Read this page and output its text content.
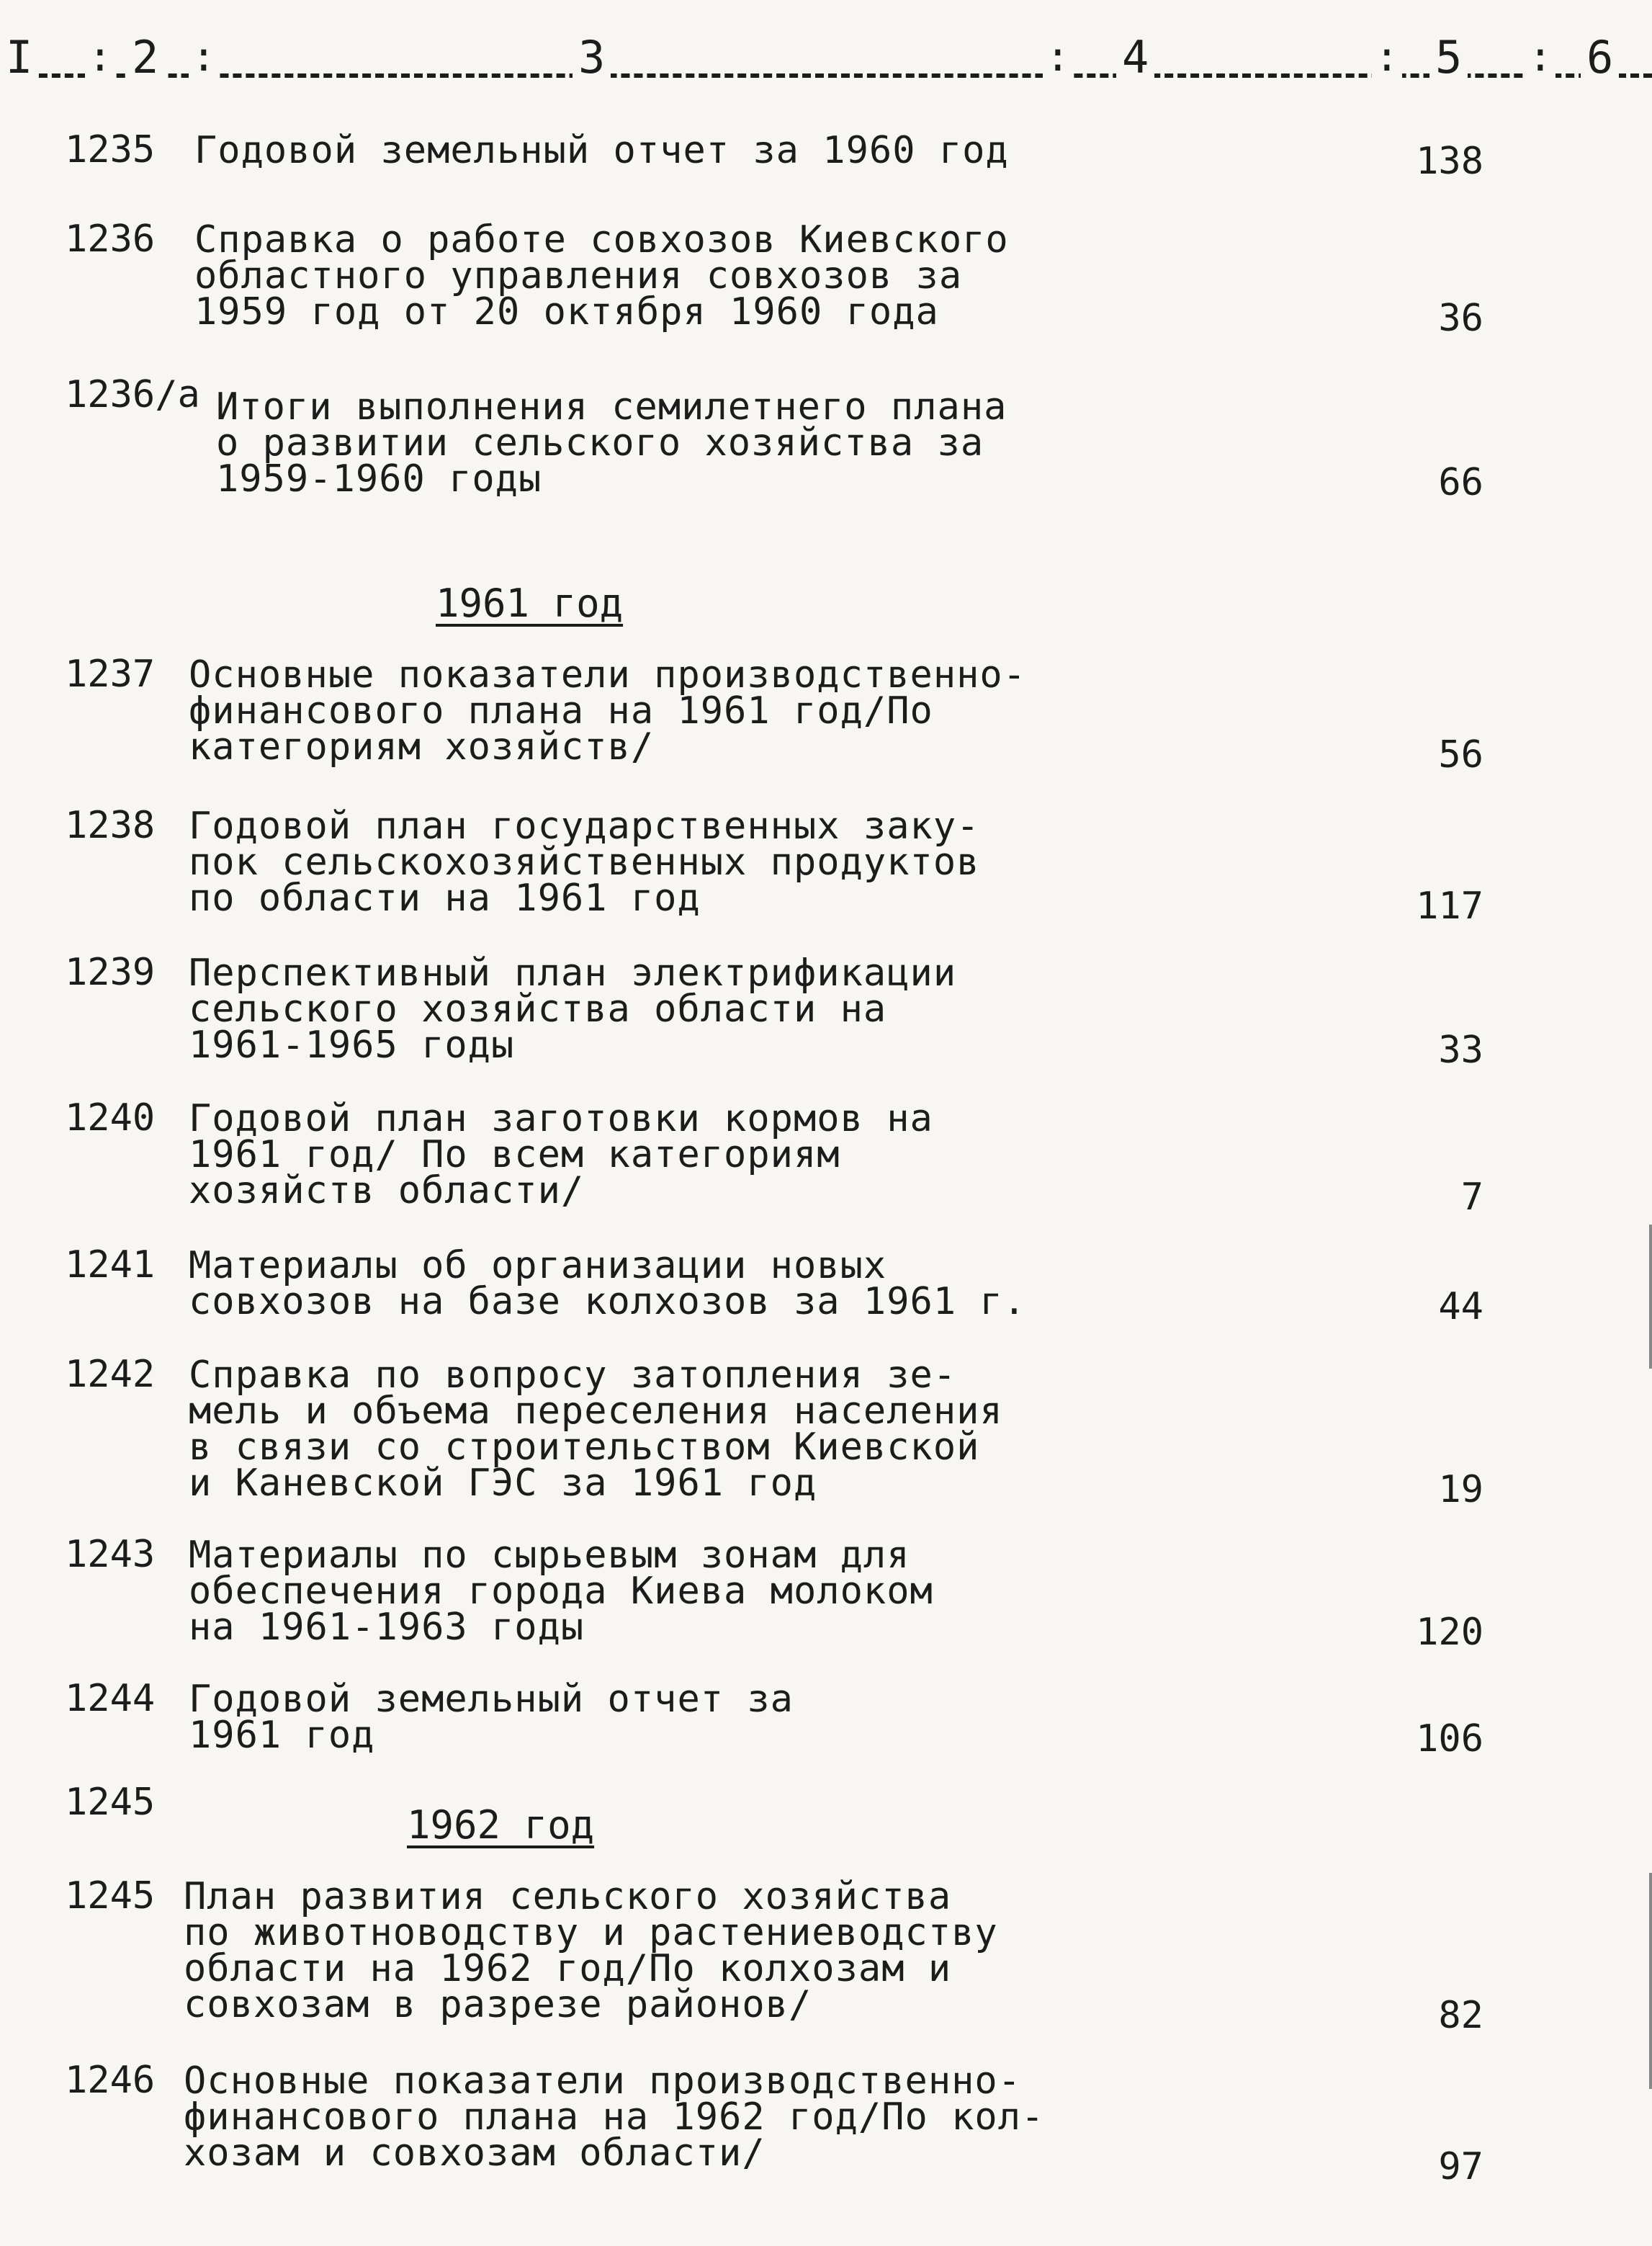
I : 2 :	3	: 4	: 5 : 6
1235 Годовой земельный отчет за 1960 год	138
1236 Справка о работе совхозов Киевского
областного управления совхозов за
1959 год от 20 октября 1960 года	36
1236/а Итоги выполнения семилетнего плана
о развитии сельского хозяйства за
1959-1960 годы	66
1961 год
1237 Основные показатели производственно-
финансового плана на 1961 год/По
категориям хозяйств/	56
1238 Годовой план государственных заку-
пок сельскохозяйственных продуктов
по области на 1961 год	117
1239 Перспективный план электрификации
сельского хозяйства области на
1961-1965 годы	33
1240 Годовой план заготовки кормов на
1961 год/ По всем категориям
хозяйств области/	7
1241 Материалы об организации новых
совхозов на базе колхозов за 1961 г.	44
1242 Справка по вопросу затопления зе-
мель и объема переселения населения
в связи со строительством Киевской
и Каневской ГЭС за 1961 год	19
1243 Материалы по сырьевым зонам для
обеспечения города Киева молоком
на 1961-1963 годы	120
1244 Годовой земельный отчет за
1961 год	106
1245	1962 год
1245 План развития сельского хозяйства
по животноводству и растениеводству
области на 1962 год/По колхозам и
совхозам в разрезе районов/	82
1246 Основные показатели производственно-
финансового плана на 1962 год/По кол-
хозам и совхозам области/	97
